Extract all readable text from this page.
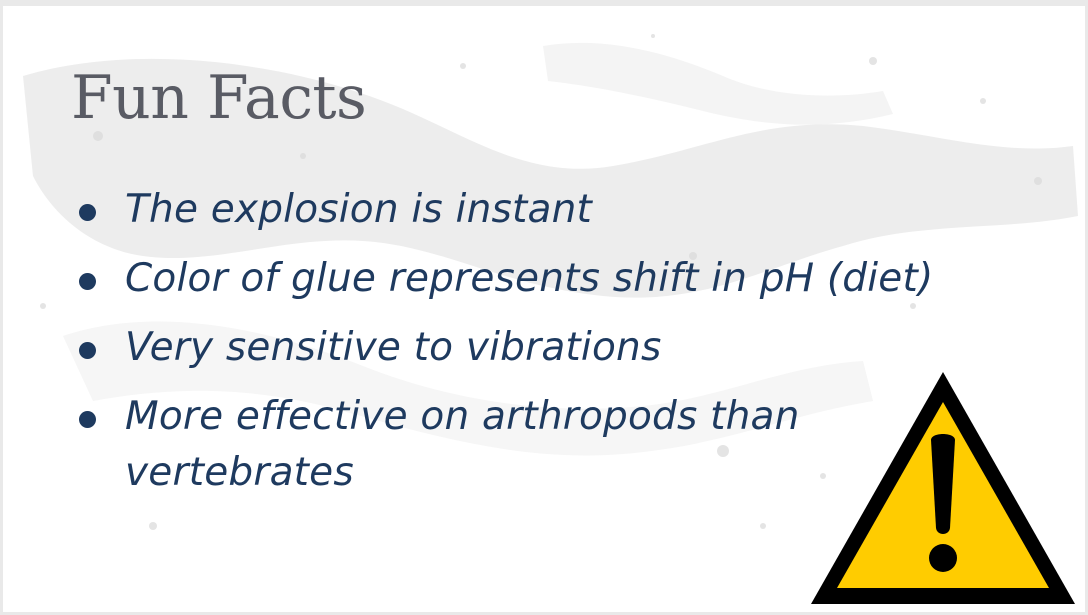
Fun Facts
The explosion is instant
Color of glue represents shift in pH (diet)
Very sensitive to vibrations
More effective on arthropods than vertebrates
